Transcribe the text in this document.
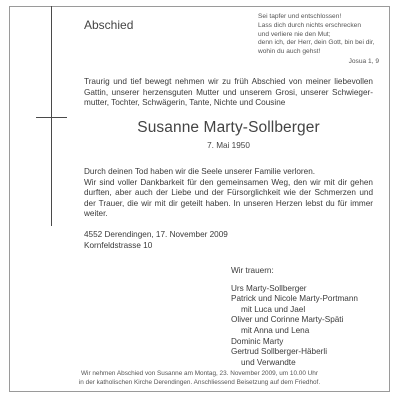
Abschied
Sei tapfer und entschlossen!
Lass dich durch nichts erschrecken
und verliere nie den Mut;
denn ich, der Herr, dein Gott, bin bei dir,
wohin du auch gehst!
Josua 1, 9
Traurig und tief bewegt nehmen wir zu früh Abschied von meiner liebevollen
Gattin, unserer herzensguten Mutter und unserem Grosi, unserer Schwieger-
mutter, Tochter, Schwägerin, Tante, Nichte und Cousine
Susanne Marty-Sollberger
7. Mai 1950
Durch deinen Tod haben wir die Seele unserer Familie verloren.
Wir sind voller Dankbarkeit für den gemeinsamen Weg, den wir mit dir gehen
durften, aber auch der Liebe und der Fürsorglichkeit wie der Schmerzen und
der Trauer, die wir mit dir geteilt haben. In unseren Herzen lebst du für immer
weiter.
4552 Derendingen, 17. November 2009
Kornfeldstrasse 10
Wir trauern:
Urs Marty-Sollberger
Patrick und Nicole Marty-Portmann
mit Luca und Jael
Oliver und Corinne Marty-Späti
mit Anna und Lena
Dominic Marty
Gertrud Sollberger-Häberli
und Verwandte
Wir nehmen Abschied von Susanne am Montag, 23. November 2009, um 10.00 Uhr
in der katholischen Kirche Derendingen. Anschliessend Beisetzung auf dem Friedhof.
